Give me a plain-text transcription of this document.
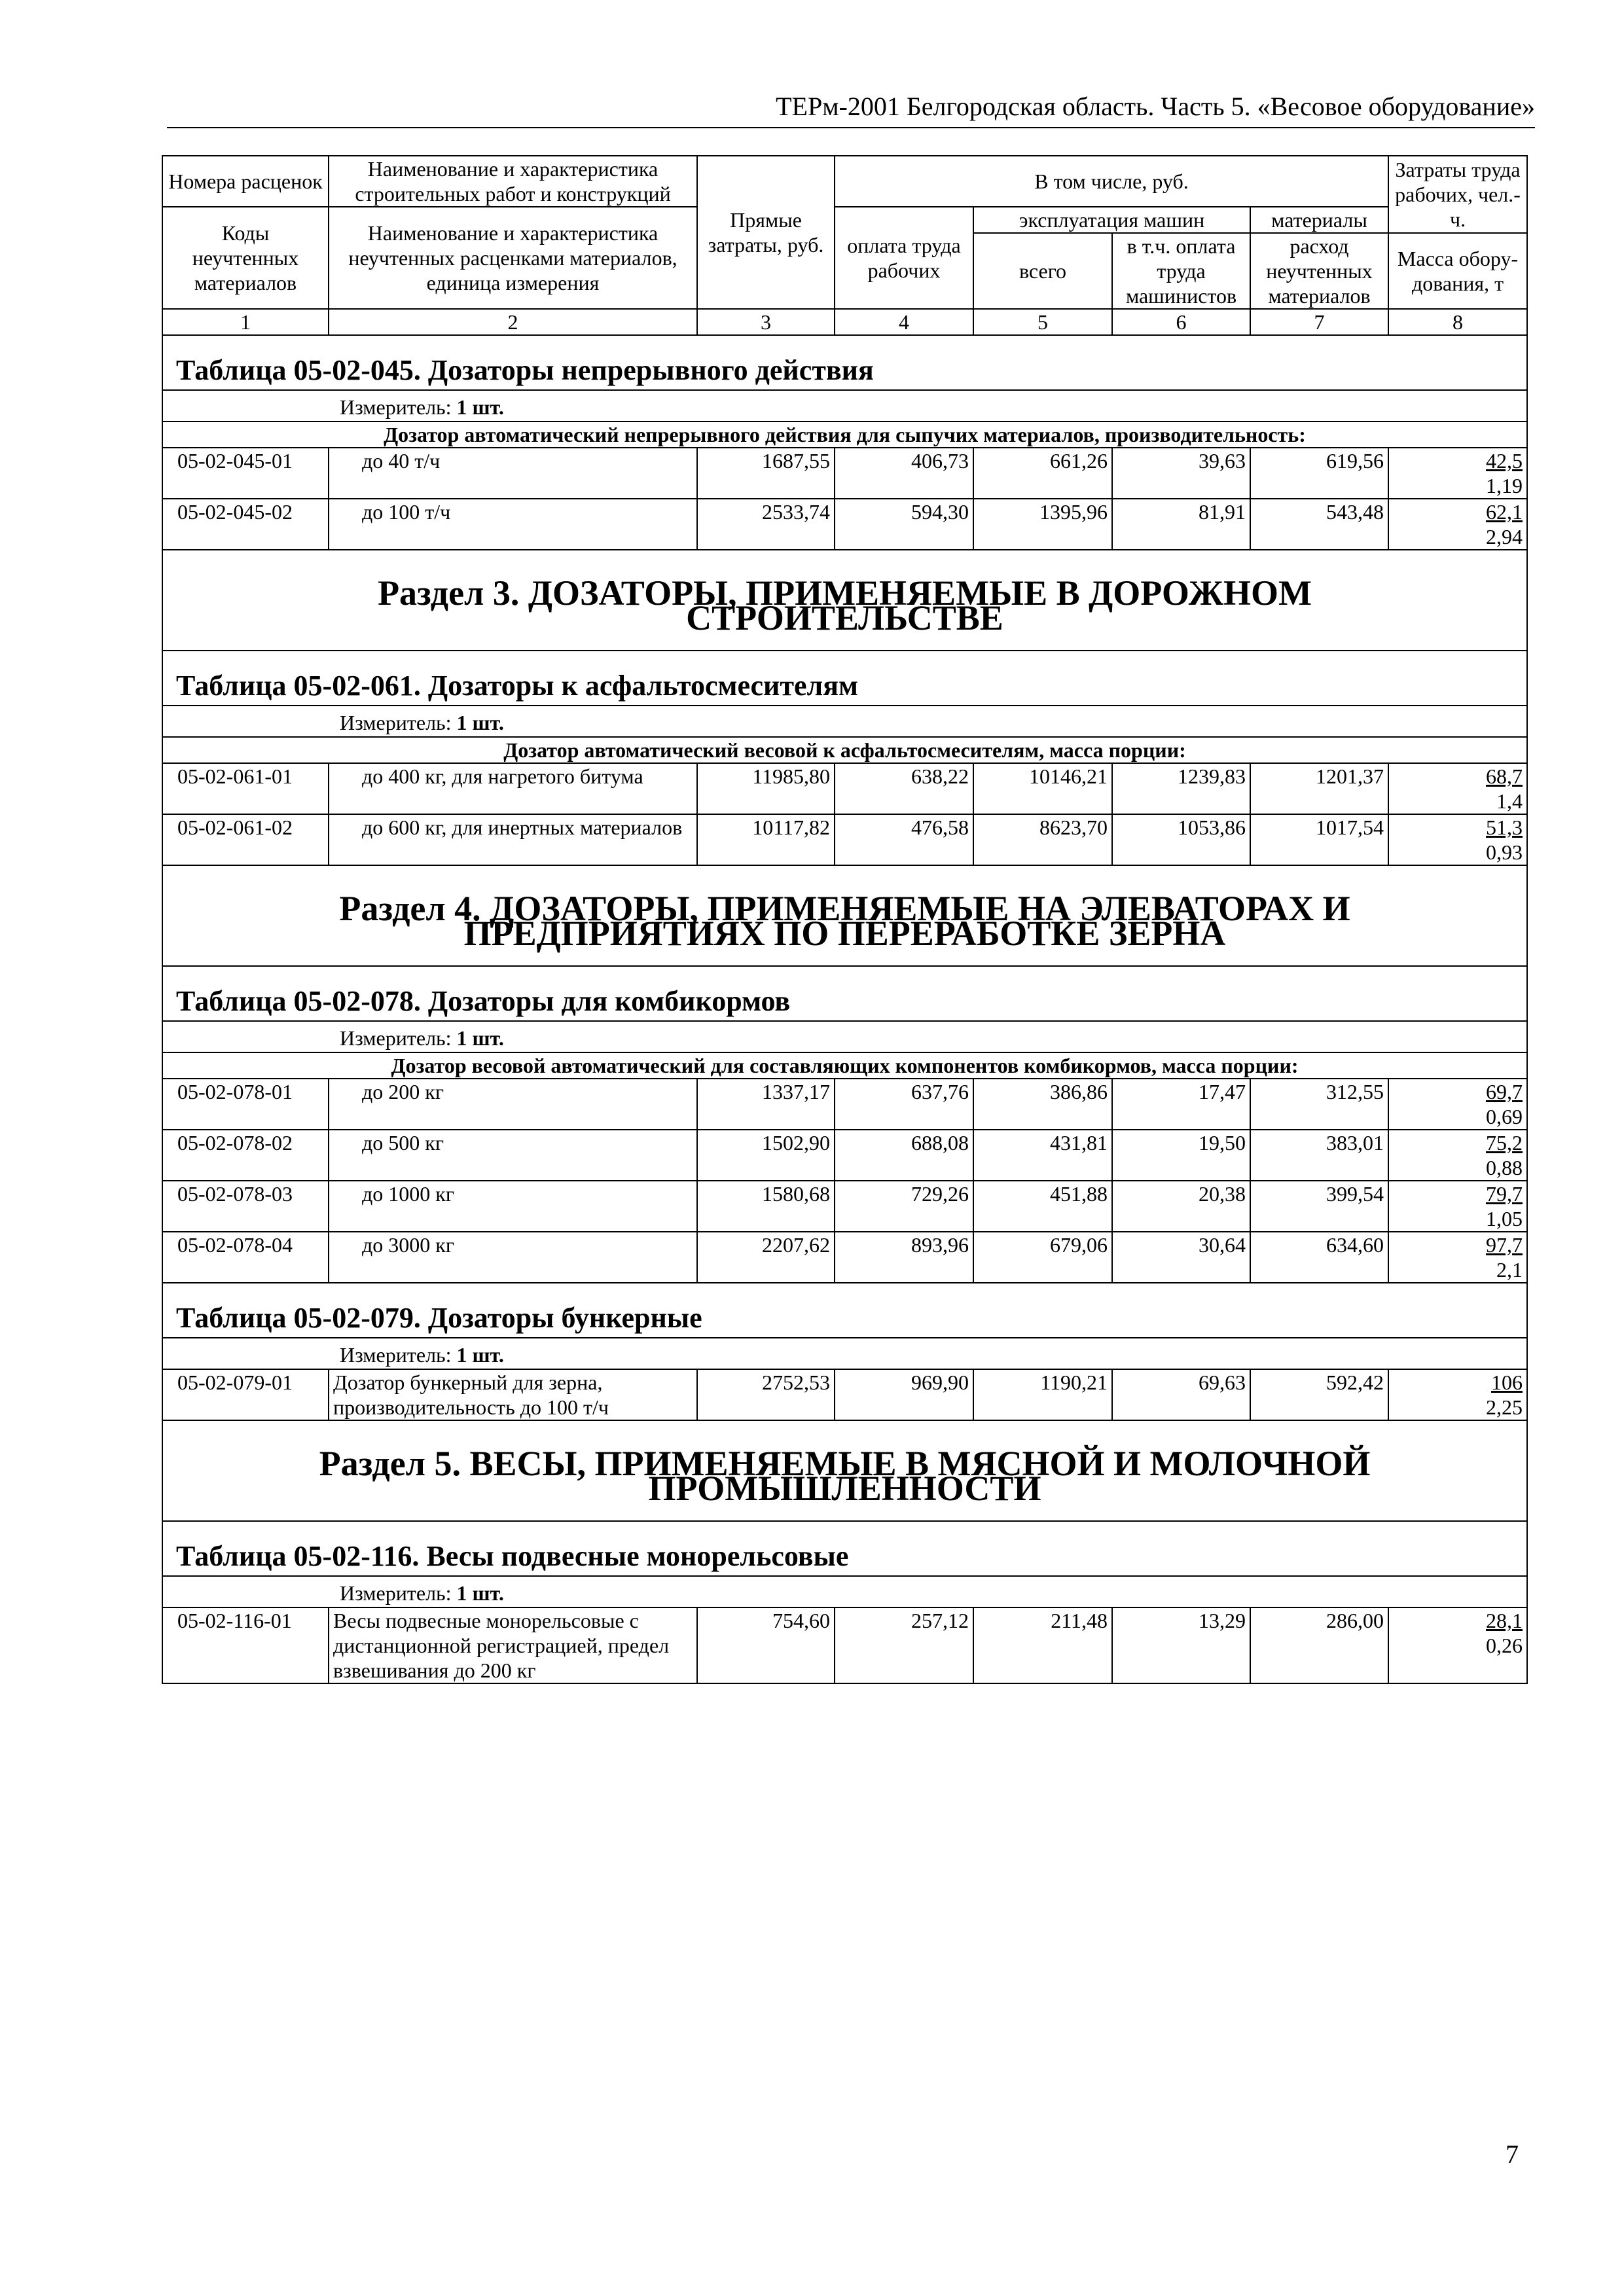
ТЕРм-2001 Белгородская область. Часть 5. «Весовое оборудование»
Номера расценок	Наименование и характеристика строительных работ и конструкций	Прямые затраты, руб.	В том числе, руб.				Затраты труда рабочих, чел.-ч.
Коды неучтенных материалов	Наименование и характеристика неучтенных расценками материалов, единица измерения		оплата труда рабочих	эксплуатация машин		материалы	
				всего	в т.ч. оплата труда машинистов	расход неучтенных материалов	
							Масса обору-дования, т
1	2	3	4	5	6	7	8
Таблица 05-02-045. Дозаторы непрерывного действия							
Измеритель: 1 шт.							
Дозатор автоматический непрерывного действия для сыпучих материалов, производительность:							
05-02-045-01	до 40 т/ч	1687,55	406,73	661,26	39,63	619,56	42,5
1,19

05-02-045-02	до 100 т/ч	2533,74	594,30	1395,96	81,91	543,48	62,1
2,94

Раздел 3. ДОЗАТОРЫ, ПРИМЕНЯЕМЫЕ В ДОРОЖНОМ СТРОИТЕЛЬСТВЕ							
Таблица 05-02-061. Дозаторы к асфальтосмесителям							
Измеритель: 1 шт.							
Дозатор автоматический весовой к асфальтосмесителям, масса порции:							
05-02-061-01	до 400 кг, для нагретого битума	11985,80	638,22	10146,21	1239,83	1201,37	68,7
1,4

05-02-061-02	до 600 кг, для инертных материалов	10117,82	476,58	8623,70	1053,86	1017,54	51,3
0,93

Раздел 4. ДОЗАТОРЫ, ПРИМЕНЯЕМЫЕ НА ЭЛЕВАТОРАХ И ПРЕДПРИЯТИЯХ ПО ПЕРЕРАБОТКЕ ЗЕРНА							
Таблица 05-02-078. Дозаторы для комбикормов							
Измеритель: 1 шт.							
Дозатор весовой автоматический для составляющих компонентов комбикормов, масса порции:							
05-02-078-01	до 200 кг	1337,17	637,76	386,86	17,47	312,55	69,7
0,69

05-02-078-02	до 500 кг	1502,90	688,08	431,81	19,50	383,01	75,2
0,88

05-02-078-03	до 1000 кг	1580,68	729,26	451,88	20,38	399,54	79,7
1,05

05-02-078-04	до 3000 кг	2207,62	893,96	679,06	30,64	634,60	97,7
2,1

Таблица 05-02-079. Дозаторы бункерные							
Измеритель: 1 шт.							
05-02-079-01	Дозатор бункерный для зерна, производительность до 100 т/ч	2752,53	969,90	1190,21	69,63	592,42	106
2,25

Раздел 5. ВЕСЫ, ПРИМЕНЯЕМЫЕ В МЯСНОЙ И МОЛОЧНОЙ ПРОМЫШЛЕННОСТИ							
Таблица 05-02-116. Весы подвесные монорельсовые							
Измеритель: 1 шт.							
05-02-116-01	Весы подвесные монорельсовые с дистанционной регистрацией, предел взвешивания до 200 кг	754,60	257,12	211,48	13,29	286,00	28,1
0,26
7
